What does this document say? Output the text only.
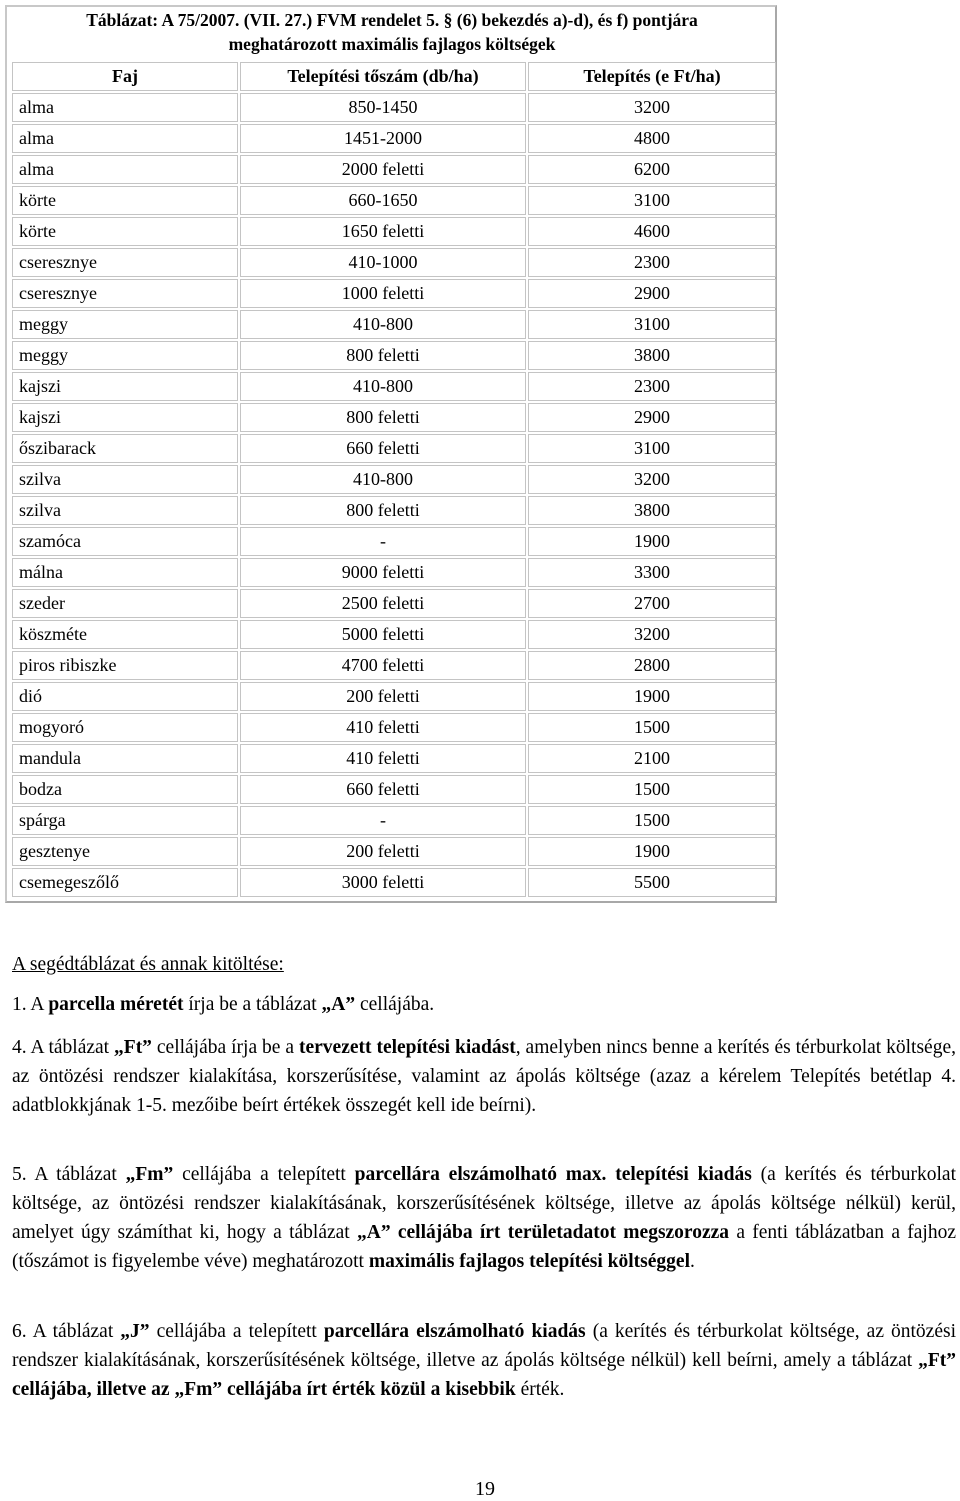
Táblázat: A 75/2007. (VII. 27.) FVM rendelet 5. § (6) bekezdés a)-d), és f) pontjára
meghatározott maximális fajlagos költségek
Faj	Telepítési tőszám (db/ha)	Telepítés (e Ft/ha)
alma	850-1450	3200
alma	1451-2000	4800
alma	2000 feletti	6200
körte	660-1650	3100
körte	1650 feletti	4600
cseresznye	410-1000	2300
cseresznye	1000 feletti	2900
meggy	410-800	3100
meggy	800 feletti	3800
kajszi	410-800	2300
kajszi	800 feletti	2900
őszibarack	660 feletti	3100
szilva	410-800	3200
szilva	800 feletti	3800
szamóca	-	1900
málna	9000 feletti	3300
szeder	2500 feletti	2700
köszméte	5000 feletti	3200
piros ribiszke	4700 feletti	2800
dió	200 feletti	1900
mogyoró	410 feletti	1500
mandula	410 feletti	2100
bodza	660 feletti	1500
spárga	-	1500
gesztenye	200 feletti	1900
csemegeszőlő	3000 feletti	5500
A segédtáblázat és annak kitöltése:
1. A parcella méretét írja be a táblázat „A” cellájába.
4. A táblázat „Ft” cellájába írja be a tervezett telepítési kiadást, amelyben nincs benne a kerítés és térburkolat költsége, az öntözési rendszer kialakítása, korszerűsítése, valamint az ápolás költsége (azaz a kérelem Telepítés betétlap 4. adatblokkjának 1-5. mezőibe beírt értékek összegét kell ide beírni).
5. A táblázat „Fm” cellájába a telepített parcellára elszámolható max. telepítési kiadás (a kerítés és térburkolat költsége, az öntözési rendszer kialakításának, korszerűsítésének költsége, illetve az ápolás költsége nélkül) kerül, amelyet úgy számíthat ki, hogy a táblázat „A” cellájába írt területadatot megszorozza a fenti táblázatban a fajhoz (tőszámot is figyelembe véve) meghatározott maximális fajlagos telepítési költséggel.
6. A táblázat „J” cellájába a telepített parcellára elszámolható kiadás (a kerítés és térburkolat költsége, az öntözési rendszer kialakításának, korszerűsítésének költsége, illetve az ápolás költsége nélkül) kell beírni, amely a táblázat „Ft” cellájába, illetve az „Fm” cellájába írt érték közül a kisebbik érték.
19
